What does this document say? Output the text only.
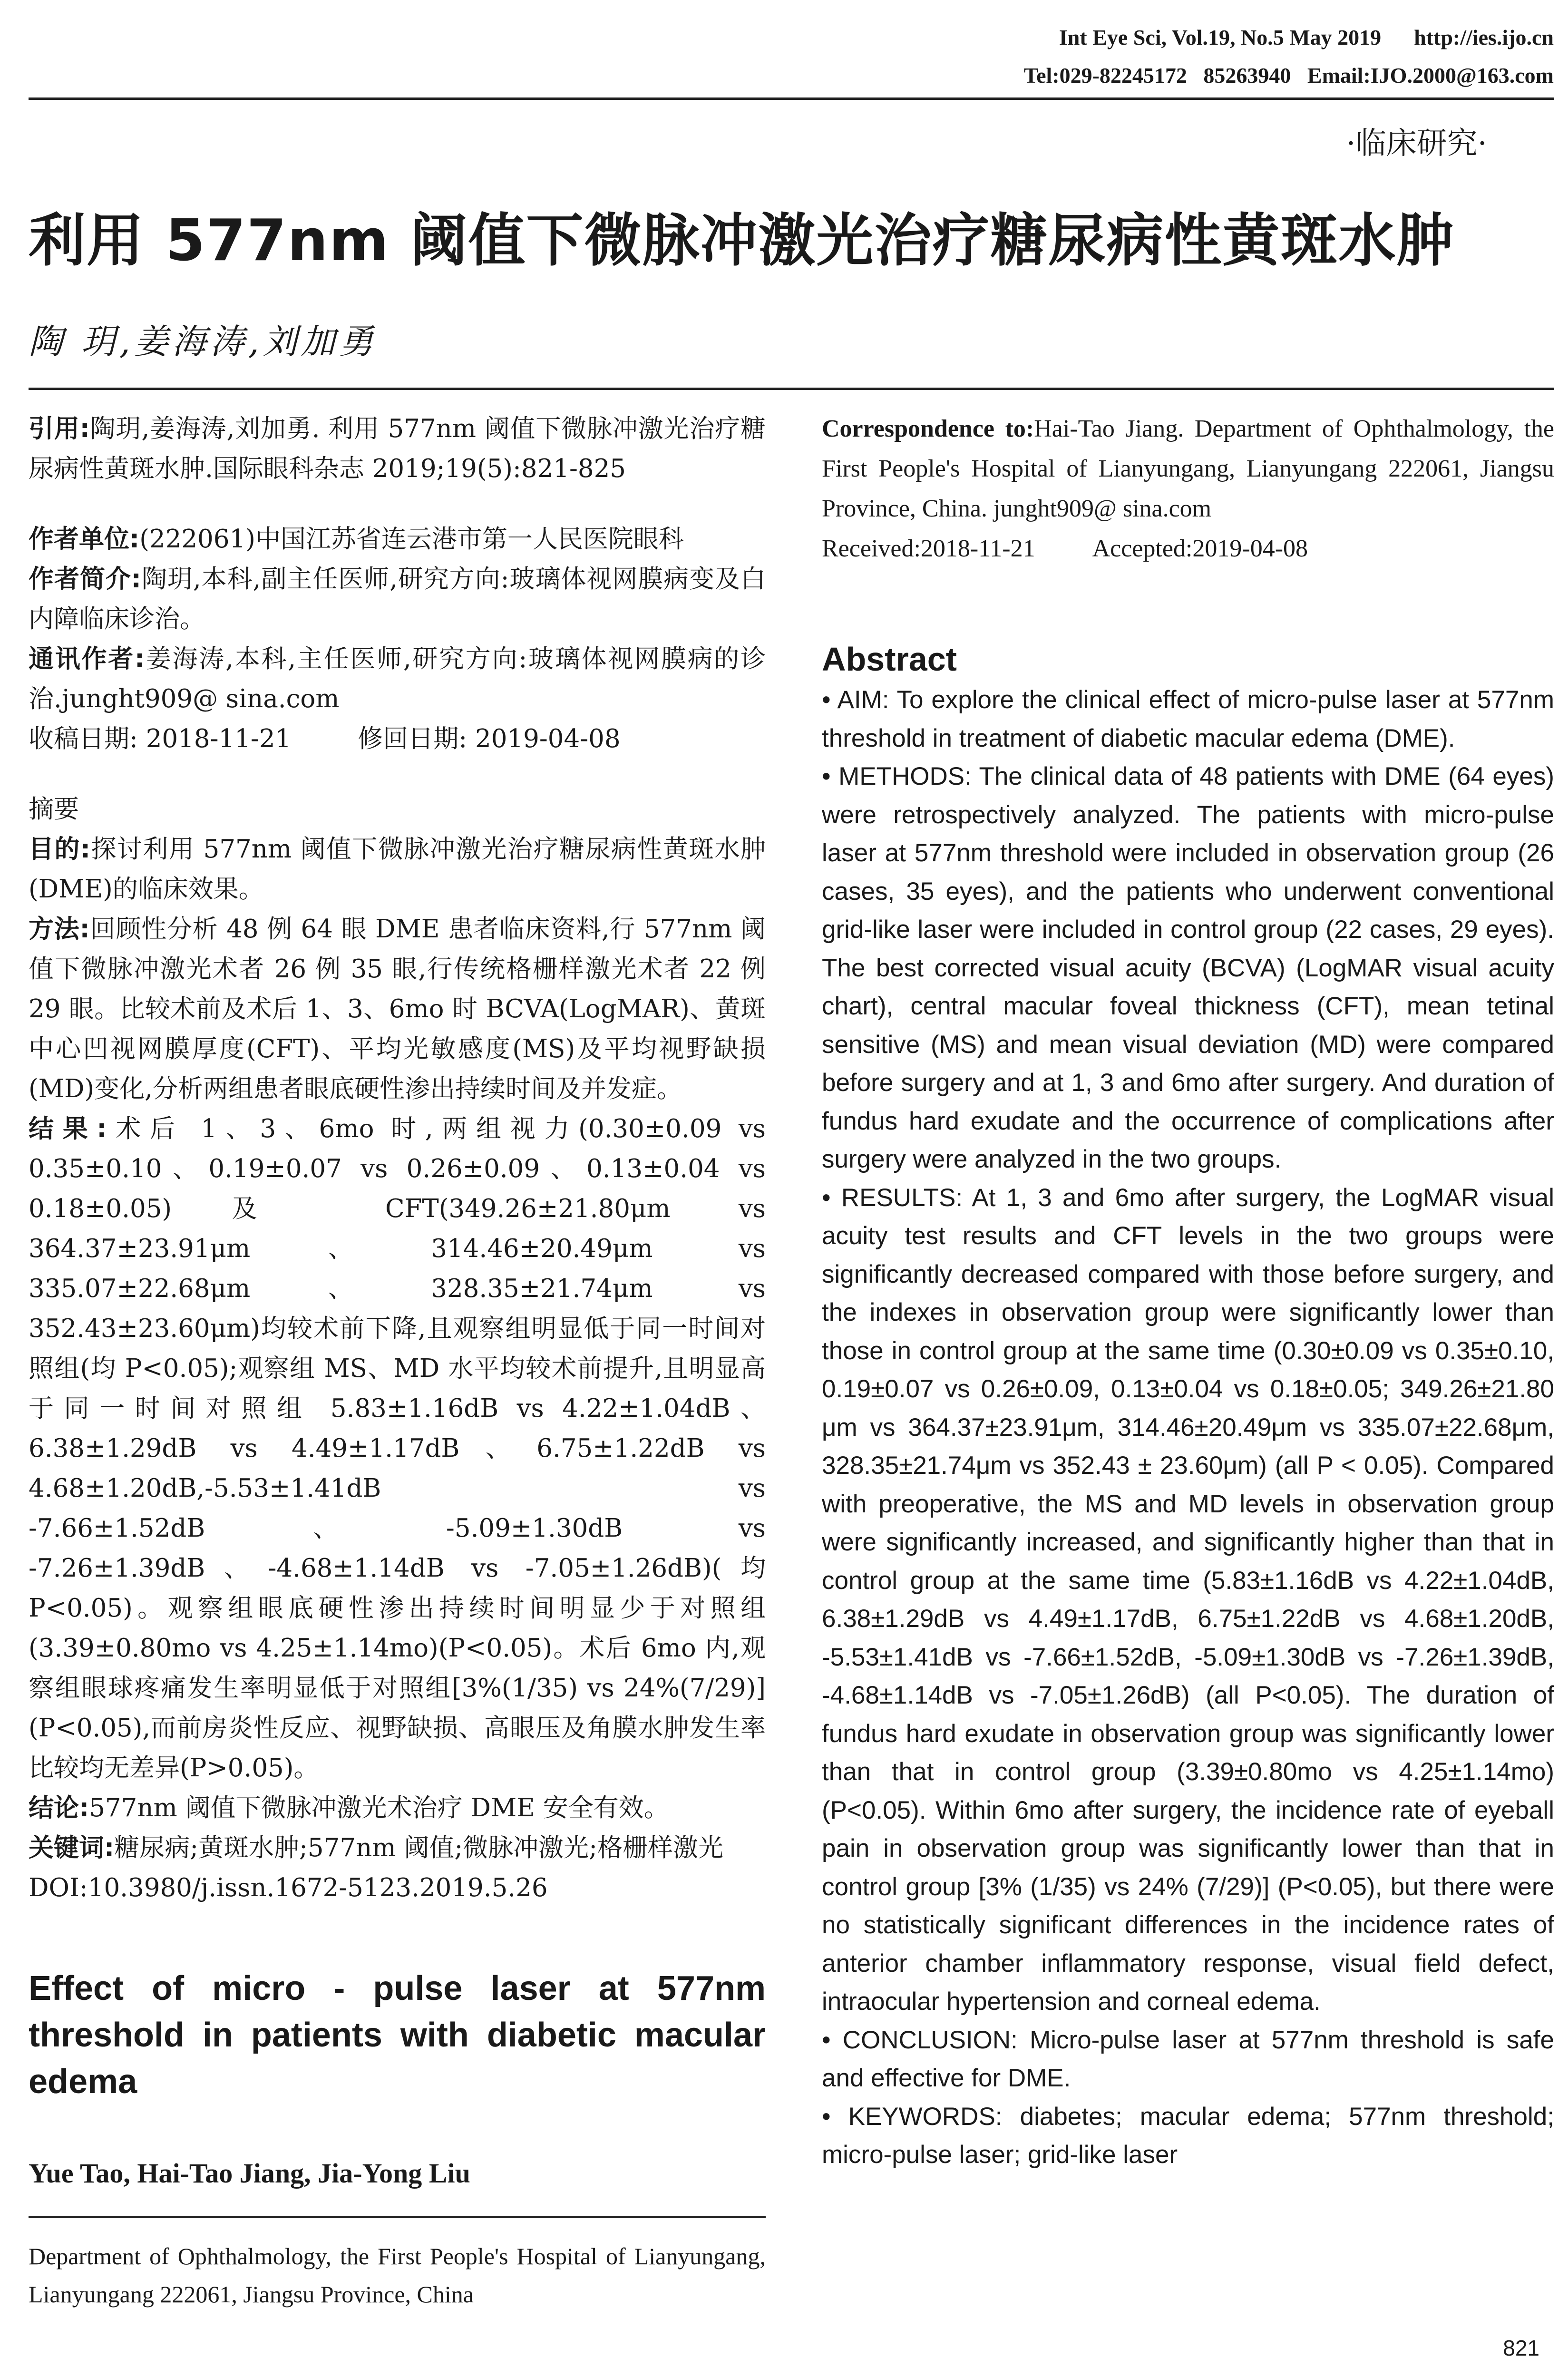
Int Eye Sci, Vol.19, No.5 May 2019      http://ies.ijo.cn
Tel:029-82245172   85263940   Email:IJO.2000@163.com
·临床研究·
利用 577nm 阈值下微脉冲激光治疗糖尿病性黄斑水肿
陶 玥,姜海涛,刘加勇

引用:陶玥,姜海涛,刘加勇. 利用 577nm 阈值下微脉冲激光治疗糖尿病性黄斑水肿.国际眼科杂志 2019;19(5):821-825

作者单位:(222061)中国江苏省连云港市第一人民医院眼科

作者简介:陶玥,本科,副主任医师,研究方向:玻璃体视网膜病变及白内障临床诊治。

通讯作者:姜海涛,本科,主任医师,研究方向:玻璃体视网膜病的诊治.junght909@ sina.com

收稿日期: 2018-11-21	修回日期: 2019-04-08

摘要

目的:探讨利用 577nm 阈值下微脉冲激光治疗糖尿病性黄斑水肿(DME)的临床效果。

方法:回顾性分析 48 例 64 眼 DME 患者临床资料,行 577nm 阈值下微脉冲激光术者 26 例 35 眼,行传统格栅样激光术者 22 例 29 眼。比较术前及术后 1、3、6mo 时 BCVA(LogMAR)、黄斑中心凹视网膜厚度(CFT)、平均光敏感度(MS)及平均视野缺损(MD)变化,分析两组患者眼底硬性渗出持续时间及并发症。

结果:术后 1、3、6mo 时,两组视力(0.30±0.09 vs 0.35±0.10、0.19±0.07 vs 0.26±0.09、0.13±0.04 vs 0.18±0.05)及 CFT(349.26±21.80μm vs 364.37±23.91μm、314.46±20.49μm vs 335.07±22.68μm、328.35±21.74μm vs 352.43±23.60μm)均较术前下降,且观察组明显低于同一时间对照组(均 P<0.05);观察组 MS、MD 水平均较术前提升,且明显高于同一时间对照组 5.83±1.16dB vs 4.22±1.04dB、6.38±1.29dB vs 4.49±1.17dB、6.75±1.22dB vs 4.68±1.20dB,-5.53±1.41dB vs -7.66±1.52dB、-5.09±1.30dB vs -7.26±1.39dB、-4.68±1.14dB vs -7.05±1.26dB)(均 P<0.05)。观察组眼底硬性渗出持续时间明显少于对照组(3.39±0.80mo vs 4.25±1.14mo)(P<0.05)。术后 6mo 内,观察组眼球疼痛发生率明显低于对照组[3%(1/35) vs 24%(7/29)](P<0.05),而前房炎性反应、视野缺损、高眼压及角膜水肿发生率比较均无差异(P>0.05)。

结论:577nm 阈值下微脉冲激光术治疗 DME 安全有效。

关键词:糖尿病;黄斑水肿;577nm 阈值;微脉冲激光;格栅样激光

DOI:10.3980/j.issn.1672-5123.2019.5.26

Effect of micro - pulse laser at 577nm threshold in patients with diabetic macular edema
Yue Tao, Hai-Tao Jiang, Jia-Yong Liu
Department of Ophthalmology, the First People's Hospital of Lianyungang, Lianyungang 222061, Jiangsu Province, China

Correspondence to:Hai-Tao Jiang. Department of Ophthalmology, the First People's Hospital of Lianyungang, Lianyungang 222061, Jiangsu Province, China. junght909@ sina.com

Received:2018-11-21 Accepted:2019-04-08

Abstract

• AIM: To explore the clinical effect of micro-pulse laser at 577nm threshold in treatment of diabetic macular edema (DME).

• METHODS: The clinical data of 48 patients with DME (64 eyes) were retrospectively analyzed. The patients with micro-pulse laser at 577nm threshold were included in observation group (26 cases, 35 eyes), and the patients who underwent conventional grid-like laser were included in control group (22 cases, 29 eyes). The best corrected visual acuity (BCVA) (LogMAR visual acuity chart), central macular foveal thickness (CFT), mean tetinal sensitive (MS) and mean visual deviation (MD) were compared before surgery and at 1, 3 and 6mo after surgery. And duration of fundus hard exudate and the occurrence of complications after surgery were analyzed in the two groups.

• RESULTS: At 1, 3 and 6mo after surgery, the LogMAR visual acuity test results and CFT levels in the two groups were significantly decreased compared with those before surgery, and the indexes in observation group were significantly lower than those in control group at the same time (0.30±0.09 vs 0.35±0.10, 0.19±0.07 vs 0.26±0.09, 0.13±0.04 vs 0.18±0.05; 349.26±21.80 μm vs 364.37±23.91μm, 314.46±20.49μm vs 335.07±22.68μm, 328.35±21.74μm vs 352.43 ± 23.60μm) (all P < 0.05). Compared with preoperative, the MS and MD levels in observation group were significantly increased, and significantly higher than that in control group at the same time (5.83±1.16dB vs 4.22±1.04dB, 6.38±1.29dB vs 4.49±1.17dB, 6.75±1.22dB vs 4.68±1.20dB, -5.53±1.41dB vs -7.66±1.52dB, -5.09±1.30dB vs -7.26±1.39dB, -4.68±1.14dB vs -7.05±1.26dB) (all P<0.05). The duration of fundus hard exudate in observation group was significantly lower than that in control group (3.39±0.80mo vs 4.25±1.14mo) (P<0.05). Within 6mo after surgery, the incidence rate of eyeball pain in observation group was significantly lower than that in control group [3% (1/35) vs 24% (7/29)] (P<0.05), but there were no statistically significant differences in the incidence rates of anterior chamber inflammatory response, visual field defect, intraocular hypertension and corneal edema.

• CONCLUSION: Micro-pulse laser at 577nm threshold is safe and effective for DME.

• KEYWORDS: diabetes; macular edema; 577nm threshold; micro-pulse laser; grid-like laser

821
